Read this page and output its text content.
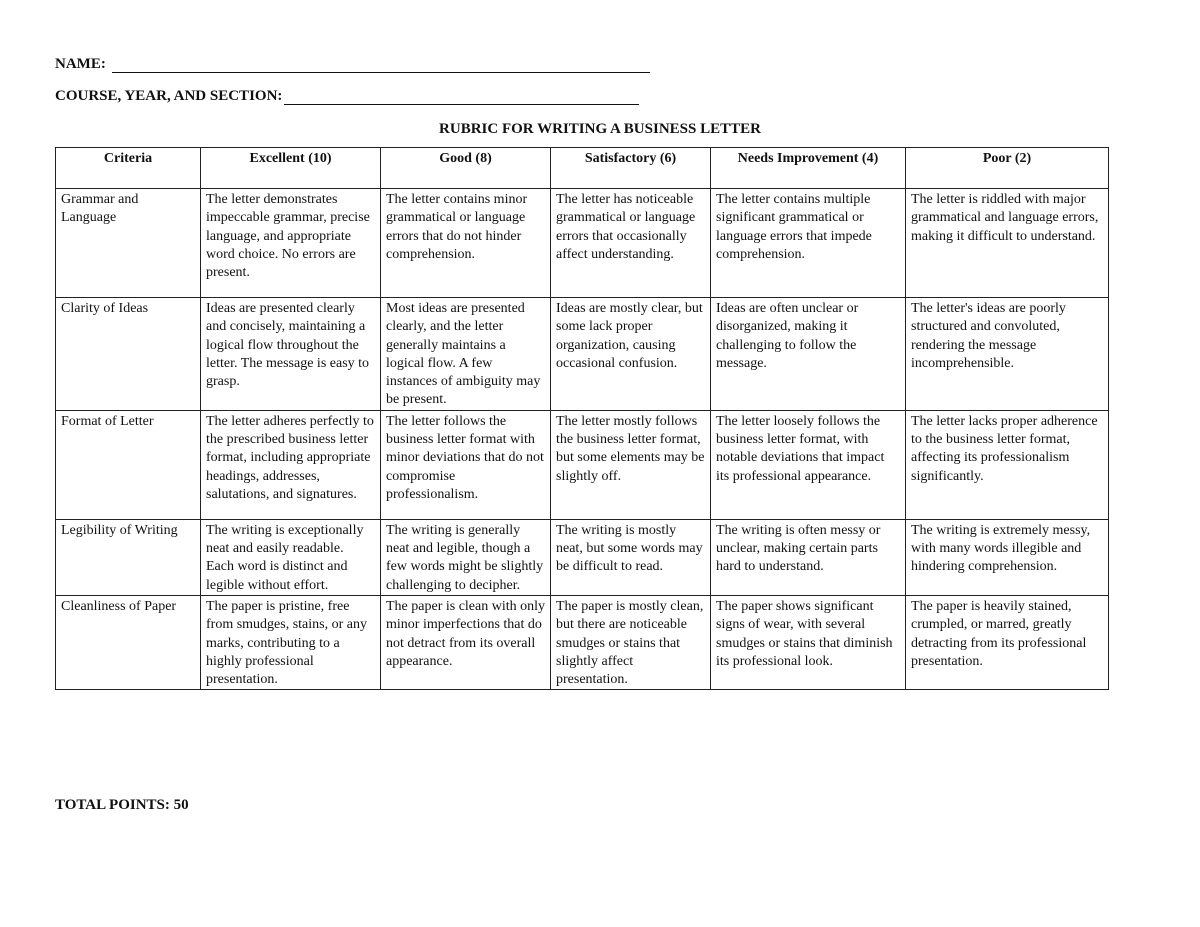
NAME:
COURSE, YEAR, AND SECTION:
RUBRIC FOR WRITING A BUSINESS LETTER
Criteria	Excellent (10)	Good (8)	Satisfactory (6)	Needs Improvement (4)	Poor (2)
Grammar and Language	The letter demonstrates impeccable grammar, precise language, and appropriate word choice. No errors are present.	The letter contains minor grammatical or language errors that do not hinder comprehension.	The letter has noticeable grammatical or language errors that occasionally affect understanding.	The letter contains multiple significant grammatical or language errors that impede comprehension.	The letter is riddled with major grammatical and language errors, making it difficult to understand.
Clarity of Ideas	Ideas are presented clearly and concisely, maintaining a logical flow throughout the letter. The message is easy to grasp.	Most ideas are presented clearly, and the letter generally maintains a logical flow. A few instances of ambiguity may be present.	Ideas are mostly clear, but some lack proper organization, causing occasional confusion.	Ideas are often unclear or disorganized, making it challenging to follow the message.	The letter's ideas are poorly structured and convoluted, rendering the message incomprehensible.
Format of Letter	The letter adheres perfectly to the prescribed business letter format, including appropriate headings, addresses, salutations, and signatures.	The letter follows the business letter format with minor deviations that do not compromise professionalism.	The letter mostly follows the business letter format, but some elements may be slightly off.	The letter loosely follows the business letter format, with notable deviations that impact its professional appearance.	The letter lacks proper adherence to the business letter format, affecting its professionalism significantly.
Legibility of Writing	The writing is exceptionally neat and easily readable. Each word is distinct and legible without effort.	The writing is generally neat and legible, though a few words might be slightly challenging to decipher.	The writing is mostly neat, but some words may be difficult to read.	The writing is often messy or unclear, making certain parts hard to understand.	The writing is extremely messy, with many words illegible and hindering comprehension.
Cleanliness of Paper	The paper is pristine, free from smudges, stains, or any marks, contributing to a highly professional presentation.	The paper is clean with only minor imperfections that do not detract from its overall appearance.	The paper is mostly clean, but there are noticeable smudges or stains that slightly affect presentation.	The paper shows significant signs of wear, with several smudges or stains that diminish its professional look.	The paper is heavily stained, crumpled, or marred, greatly detracting from its professional presentation.
TOTAL POINTS: 50
